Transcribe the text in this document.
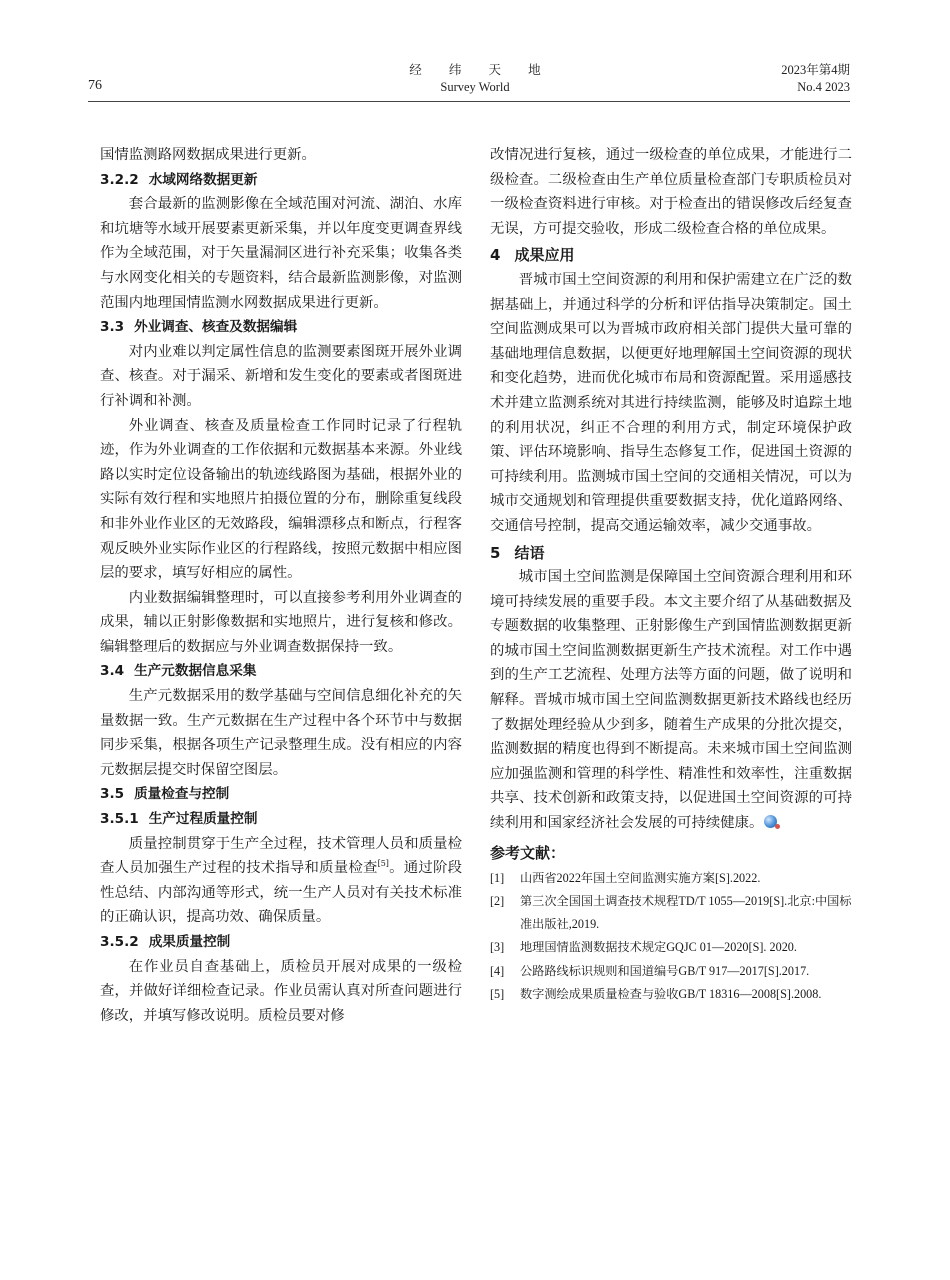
76
经 纬 天 地
Survey World
2023年第4期
No.4 2023

国情监测路网数据成果进行更新。

3.2.2 水域网络数据更新

套合最新的监测影像在全域范围对河流、湖泊、水库和坑塘等水域开展要素更新采集，并以年度变更调查界线作为全域范围，对于矢量漏洞区进行补充采集；收集各类与水网变化相关的专题资料，结合最新监测影像，对监测范围内地理国情监测水网数据成果进行更新。

3.3 外业调查、核查及数据编辑

对内业难以判定属性信息的监测要素图斑开展外业调查、核查。对于漏采、新增和发生变化的要素或者图斑进行补调和补测。

外业调查、核查及质量检查工作同时记录了行程轨迹，作为外业调查的工作依据和元数据基本来源。外业线路以实时定位设备输出的轨迹线路图为基础，根据外业的实际有效行程和实地照片拍摄位置的分布，删除重复线段和非外业作业区的无效路段，编辑漂移点和断点，行程客观反映外业实际作业区的行程路线，按照元数据中相应图层的要求，填写好相应的属性。

内业数据编辑整理时，可以直接参考利用外业调查的成果，辅以正射影像数据和实地照片，进行复核和修改。编辑整理后的数据应与外业调查数据保持一致。

3.4 生产元数据信息采集

生产元数据采用的数学基础与空间信息细化补充的矢量数据一致。生产元数据在生产过程中各个环节中与数据同步采集，根据各项生产记录整理生成。没有相应的内容元数据层提交时保留空图层。

3.5 质量检查与控制
3.5.1 生产过程质量控制

质量控制贯穿于生产全过程，技术管理人员和质量检查人员加强生产过程的技术指导和质量检查[5]。通过阶段性总结、内部沟通等形式，统一生产人员对有关技术标准的正确认识，提高功效、确保质量。

3.5.2 成果质量控制

在作业员自查基础上，质检员开展对成果的一级检查，并做好详细检查记录。作业员需认真对所查问题进行修改，并填写修改说明。质检员要对修

改情况进行复核，通过一级检查的单位成果，才能进行二级检查。二级检查由生产单位质量检查部门专职质检员对一级检查资料进行审核。对于检查出的错误修改后经复查无误，方可提交验收，形成二级检查合格的单位成果。

4 成果应用

晋城市国土空间资源的利用和保护需建立在广泛的数据基础上，并通过科学的分析和评估指导决策制定。国土空间监测成果可以为晋城市政府相关部门提供大量可靠的基础地理信息数据，以便更好地理解国土空间资源的现状和变化趋势，进而优化城市布局和资源配置。采用遥感技术并建立监测系统对其进行持续监测，能够及时追踪土地的利用状况，纠正不合理的利用方式，制定环境保护政策、评估环境影响、指导生态修复工作，促进国土资源的可持续利用。监测城市国土空间的交通相关情况，可以为城市交通规划和管理提供重要数据支持，优化道路网络、交通信号控制，提高交通运输效率，减少交通事故。

5 结语

城市国土空间监测是保障国土空间资源合理利用和环境可持续发展的重要手段。本文主要介绍了从基础数据及专题数据的收集整理、正射影像生产到国情监测数据更新的城市国土空间监测数据更新生产技术流程。对工作中遇到的生产工艺流程、处理方法等方面的问题，做了说明和解释。晋城市城市国土空间监测数据更新技术路线也经历了数据处理经验从少到多，随着生产成果的分批次提交，监测数据的精度也得到不断提高。未来城市国土空间监测应加强监测和管理的科学性、精准性和效率性，注重数据共享、技术创新和政策支持，以促进国土空间资源的可持续利用和国家经济社会发展的可持续健康。

参考文献：
[1] 山西省2022年国土空间监测实施方案[S].2022.
[2] 第三次全国国土调查技术规程TD/T 1055—2019[S].北京:中国标准出版社,2019.
[3] 地理国情监测数据技术规定GQJC 01—2020[S]. 2020.
[4] 公路路线标识规则和国道编号GB/T 917—2017[S].2017.
[5] 数字测绘成果质量检查与验收GB/T 18316—2008[S].2008.
